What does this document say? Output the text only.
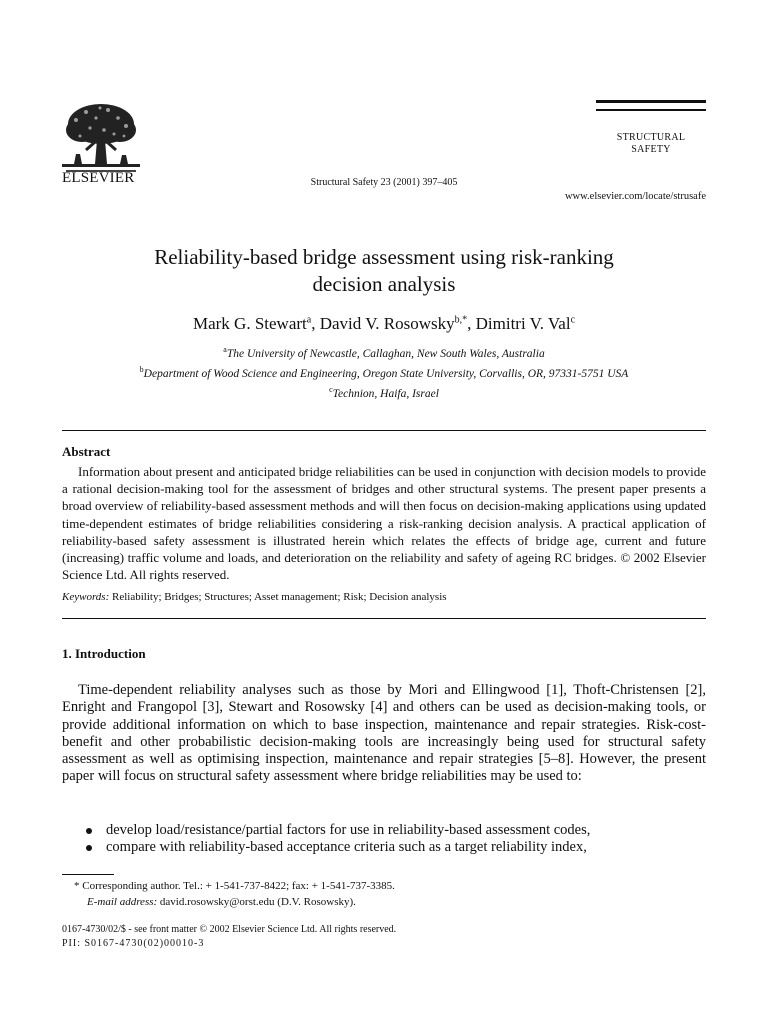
ELSEVIER	Structural Safety 23 (2001) 397–405
STRUCTURAL
SAFETY
www.elsevier.com/locate/strusafe
Reliability-based bridge assessment using risk-ranking
decision analysis
Mark G. Stewart$^a$, David V. Rosowsky$^{b,*}$, Dimitri V. Val$^c$
$^a$The University of Newcastle, Callaghan, New South Wales, Australia
$^b$Department of Wood Science and Engineering, Oregon State University, Corvallis, OR, 97331-5751 USA
$^c$Technion, Haifa, Israel
Abstract
Information about present and anticipated bridge reliabilities can be used in conjunction with decision models to provide a rational decision-making tool for the assessment of bridges and other structural systems. The present paper presents a broad overview of reliability-based assessment methods and will then focus on decision-making applications using updated time-dependent estimates of bridge reliabilities considering a risk-ranking decision analysis. A practical application of reliability-based safety assessment is illustrated herein which relates the effects of bridge age, current and future (increasing) traffic volume and loads, and deterioration on the reliability and safety of ageing RC bridges. © 2002 Elsevier Science Ltd. All rights reserved.
Keywords: Reliability; Bridges; Structures; Asset management; Risk; Decision analysis
1. Introduction
Time-dependent reliability analyses such as those by Mori and Ellingwood [1], Thoft-Christensen [2], Enright and Frangopol [3], Stewart and Rosowsky [4] and others can be used as decision-making tools, or provide additional information on which to base inspection, maintenance and repair strategies. Risk-cost-benefit and other probabilistic decision-making tools are increasingly being used for structural safety assessment as well as optimising inspection, maintenance and repair strategies [5–8]. However, the present paper will focus on structural safety assessment where bridge reliabilities may be used to:
develop load/resistance/partial factors for use in reliability-based assessment codes,
compare with reliability-based acceptance criteria such as a target reliability index,
* Corresponding author. Tel.: + 1-541-737-8422; fax: + 1-541-737-3385.
E-mail address: david.rosowsky@orst.edu (D.V. Rosowsky).
0167-4730/02/$ - see front matter © 2002 Elsevier Science Ltd. All rights reserved.
PII: S0167-4730(02)00010-3
